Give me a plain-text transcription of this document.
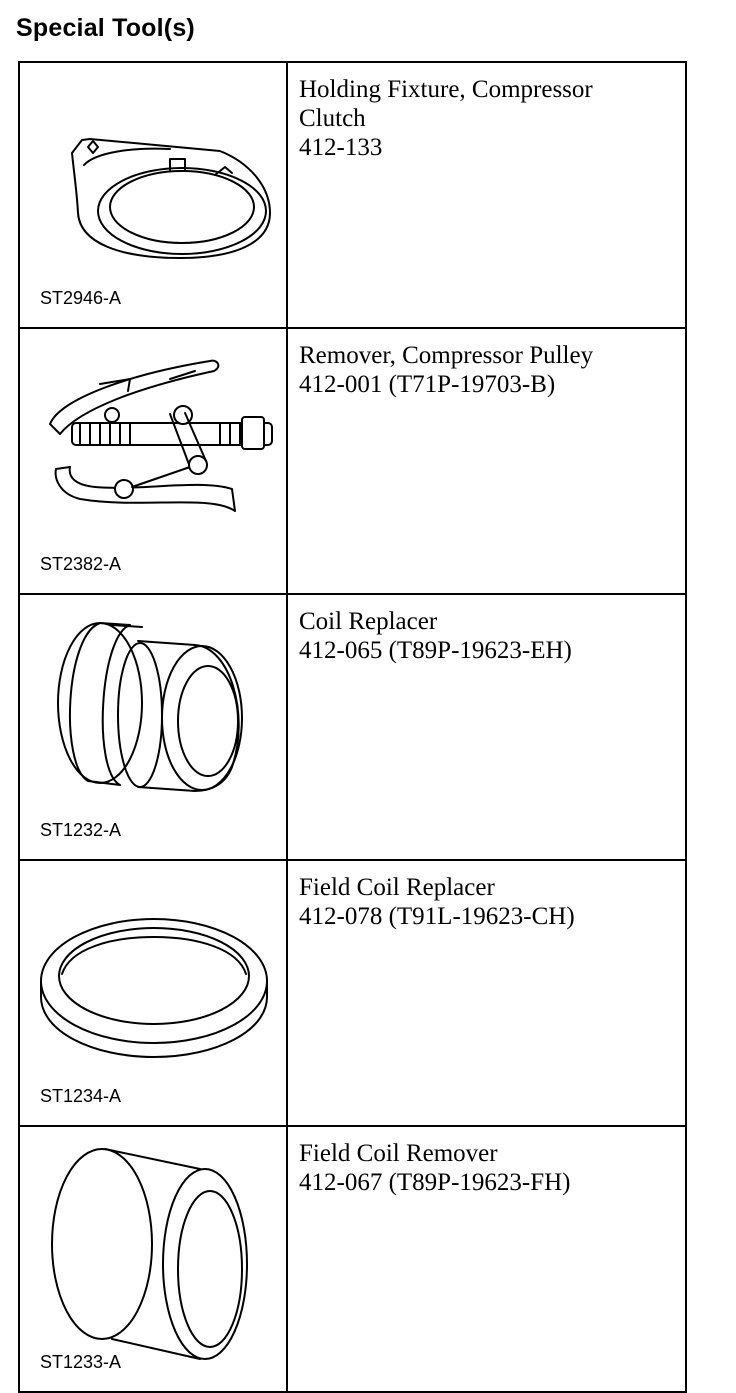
Special Tool(s)
ST2946-A	Holding Fixture, Compressor
Clutch
412-133

ST2382-A	Remover, Compressor Pulley
412-001 (T71P-19703-B)

ST1232-A	Coil Replacer
412-065 (T89P-19623-EH)

ST1234-A	Field Coil Replacer
412-078 (T91L-19623-CH)

ST1233-A	Field Coil Remover
412-067 (T89P-19623-FH)
